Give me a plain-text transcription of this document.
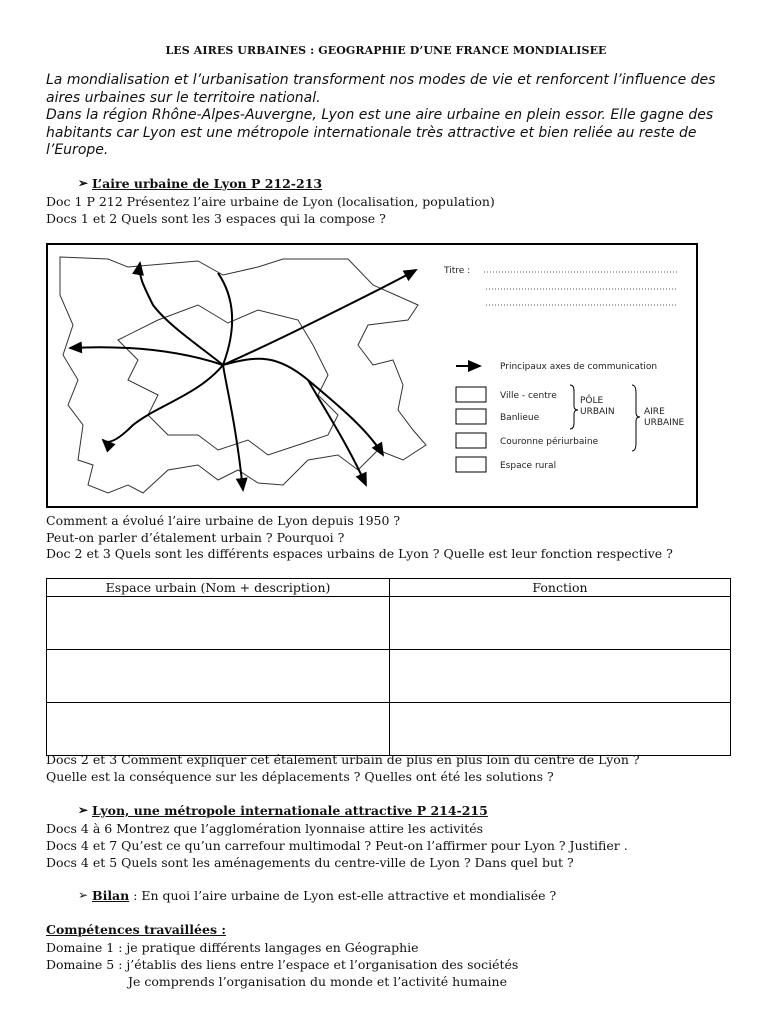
LES AIRES URBAINES : GEOGRAPHIE D’UNE FRANCE MONDIALISEE

La mondialisation et l’urbanisation transforment nos modes de vie et renforcent l’influence des aires urbaines sur le territoire national.

Dans la région Rhône-Alpes-Auvergne, Lyon est une aire urbaine en plein essor. Elle gagne des habitants car Lyon est une métropole internationale très attractive et bien reliée au reste de l’Europe.

➢ L’aire urbaine de Lyon P 212-213
Doc 1 P 212 Présentez l’aire urbaine de Lyon (localisation, population)
Docs 1 et 2 Quels sont les 3 espaces qui la compose ?
Titre :
Principaux axes de communication
Ville - centre
Banlieue
Couronne périurbaine
Espace rural
PÔLE
URBAIN	AIRE
URBAINE
Comment a évolué l’aire urbaine de Lyon depuis 1950 ?
Peut-on parler d’étalement urbain ? Pourquoi ?
Doc 2 et 3 Quels sont les différents espaces urbains de Lyon ? Quelle est leur fonction respective ?
Espace urbain (Nom + description)	Fonction

Docs 2 et 3 Comment expliquer cet étalement urbain de plus en plus loin du centre de Lyon ?
Quelle est la conséquence sur les déplacements ? Quelles ont été les solutions ?
➢ Lyon, une métropole internationale attractive P 214-215
Docs 4 à 6 Montrez que l’agglomération lyonnaise attire les activités
Docs 4 et 7 Qu’est ce qu’un carrefour multimodal ? Peut-on l’affirmer pour Lyon ? Justifier .
Docs 4 et 5 Quels sont les aménagements du centre-ville de Lyon ? Dans quel but ?
➢ Bilan : En quoi l’aire urbaine de Lyon est-elle attractive et mondialisée ?
Compétences travaillées :
Domaine 1 : je pratique différents langages en Géographie
Domaine 5 : j’établis des liens entre l’espace et l’organisation des sociétés
Je comprends l’organisation du monde et l’activité humaine
